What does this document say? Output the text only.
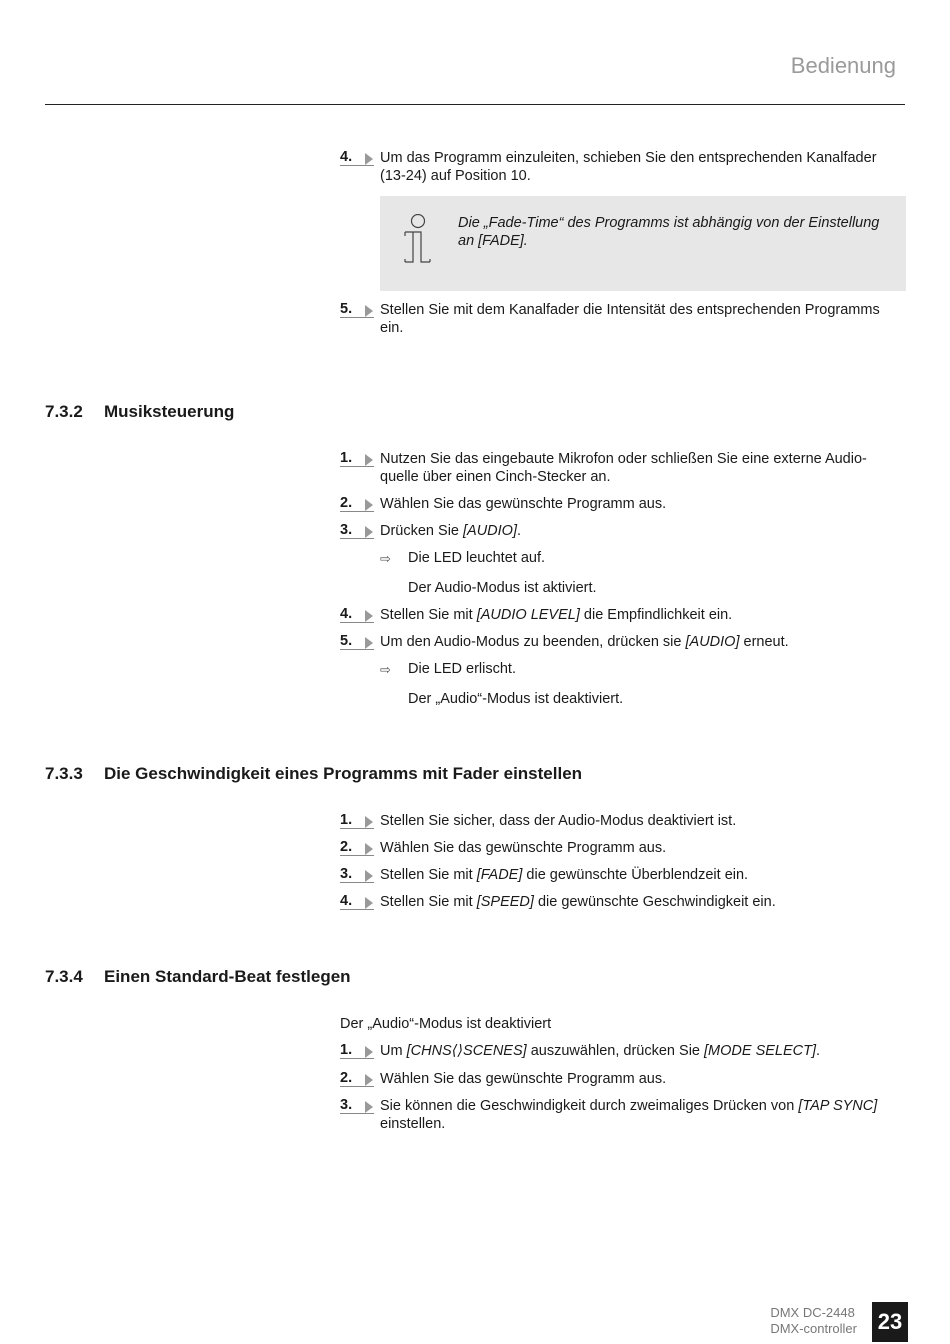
Bedienung
4.	Um das Programm einzuleiten, schieben Sie den entsprechenden Kanalfader (13-24) auf Position 10.
Die „Fade-Time“ des Programms ist abhängig von der Einstellung an [FADE].
5.	Stellen Sie mit dem Kanalfader die Intensität des entsprechenden Programms ein.
7.3.2 Musiksteuerung
1.	Nutzen Sie das eingebaute Mikrofon oder schließen Sie eine externe Audio-quelle über einen Cinch-Stecker an.
2.	Wählen Sie das gewünschte Programm aus.
3.	Drücken Sie [AUDIO].
⇨ Die LED leuchtet auf.
Der Audio-Modus ist aktiviert.
4.	Stellen Sie mit [AUDIO LEVEL] die Empfindlichkeit ein.
5.	Um den Audio-Modus zu beenden, drücken sie [AUDIO] erneut.
⇨ Die LED erlischt.
Der „Audio“-Modus ist deaktiviert.
7.3.3 Die Geschwindigkeit eines Programms mit Fader einstellen
1.	Stellen Sie sicher, dass der Audio-Modus deaktiviert ist.
2.	Wählen Sie das gewünschte Programm aus.
3.	Stellen Sie mit [FADE] die gewünschte Überblendzeit ein.
4.	Stellen Sie mit [SPEED] die gewünschte Geschwindigkeit ein.
7.3.4 Einen Standard-Beat festlegen
Der „Audio“-Modus ist deaktiviert
1.	Um [CHNS⟨⟩SCENES] auszuwählen, drücken Sie [MODE SELECT].
2.	Wählen Sie das gewünschte Programm aus.
3.	Sie können die Geschwindigkeit durch zweimaliges Drücken von [TAP SYNC] einstellen.
DMX DC-2448
DMX-controller 23
